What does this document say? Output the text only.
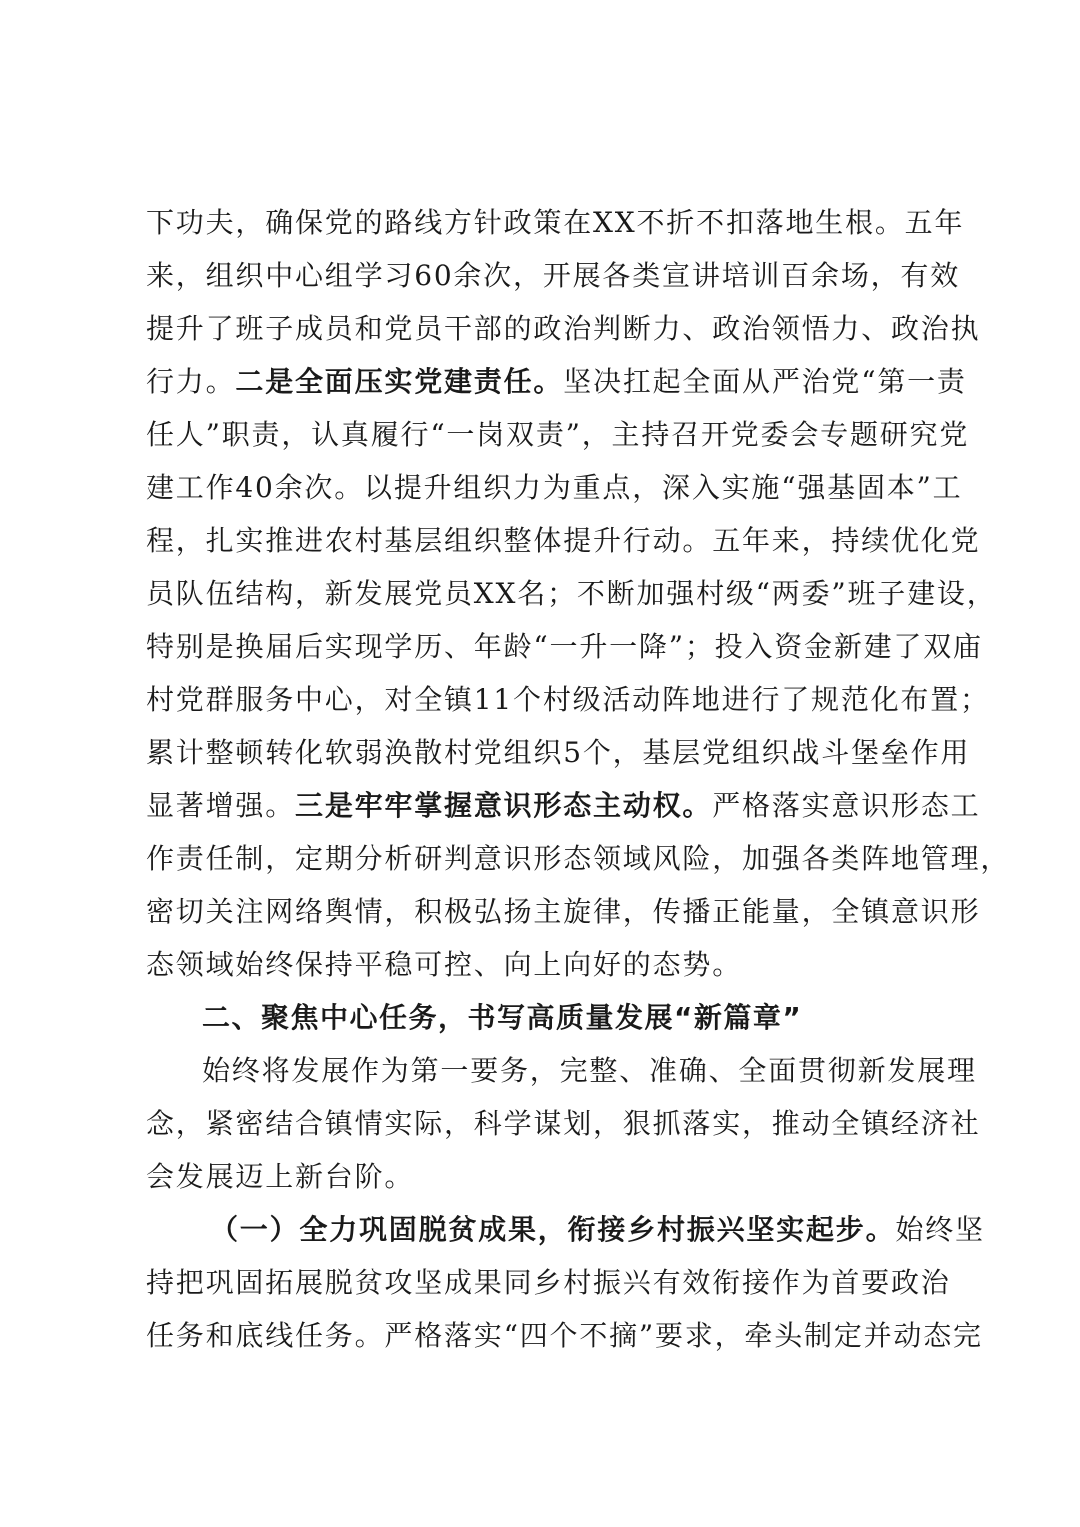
下功夫，确保党的路线方针政策在XX不折不扣落地生根。五年
来，组织中心组学习60余次，开展各类宣讲培训百余场，有效
提升了班子成员和党员干部的政治判断力、政治领悟力、政治执
行力。二是全面压实党建责任。坚决扛起全面从严治党“第一责
任人”职责，认真履行“一岗双责”，主持召开党委会专题研究党
建工作40余次。以提升组织力为重点，深入实施“强基固本”工
程，扎实推进农村基层组织整体提升行动。五年来，持续优化党
员队伍结构，新发展党员XX名；不断加强村级“两委”班子建设，
特别是换届后实现学历、年龄“一升一降”；投入资金新建了双庙
村党群服务中心，对全镇11个村级活动阵地进行了规范化布置；
累计整顿转化软弱涣散村党组织5个，基层党组织战斗堡垒作用
显著增强。三是牢牢掌握意识形态主动权。严格落实意识形态工
作责任制，定期分析研判意识形态领域风险，加强各类阵地管理，
密切关注网络舆情，积极弘扬主旋律，传播正能量，全镇意识形
态领域始终保持平稳可控、向上向好的态势。
二、聚焦中心任务，书写高质量发展“新篇章”
始终将发展作为第一要务，完整、准确、全面贯彻新发展理
念，紧密结合镇情实际，科学谋划，狠抓落实，推动全镇经济社
会发展迈上新台阶。
（一）全力巩固脱贫成果，衔接乡村振兴坚实起步。始终坚
持把巩固拓展脱贫攻坚成果同乡村振兴有效衔接作为首要政治
任务和底线任务。严格落实“四个不摘”要求，牵头制定并动态完
